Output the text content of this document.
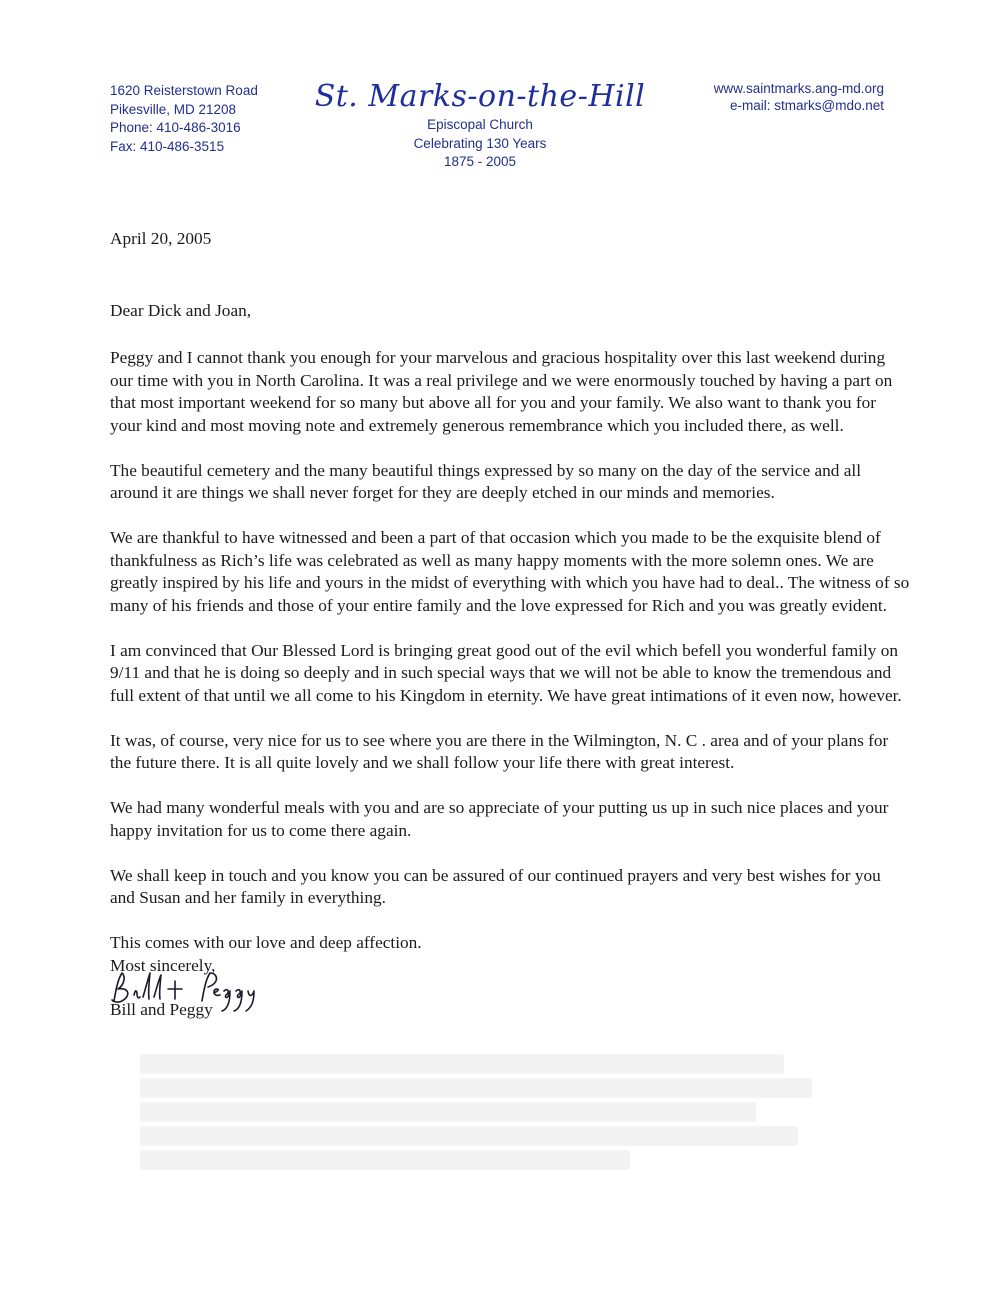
1620 Reisterstown Road
Pikesville, MD 21208
Phone: 410-486-3016
Fax: 410-486-3515
St. Marks-on-the-Hill
Episcopal Church
Celebrating 130 Years
1875 - 2005
www.saintmarks.ang-md.org
e-mail: stmarks@mdo.net
April 20, 2005
Dear Dick and Joan,

Peggy and I cannot thank you enough for your marvelous and gracious hospitality over this last weekend during our time with you in North Carolina. It was a real privilege and we were enormously touched by having a part on that most important weekend for so many but above all for you and your family. We also want to thank you for your kind and most moving note and extremely generous remembrance which you included there, as well.

The beautiful cemetery and the many beautiful things expressed by so many on the day of the service and all around it are things we shall never forget for they are deeply etched in our minds and memories.

We are thankful to have witnessed and been a part of that occasion which you made to be the exquisite blend of thankfulness as Rich’s life was celebrated as well as many happy moments with the more solemn ones. We are greatly inspired by his life and yours in the midst of everything with which you have had to deal.. The witness of so many of his friends and those of your entire family and the love expressed for Rich and you was greatly evident.

I am convinced that Our Blessed Lord is bringing great good out of the evil which befell you wonderful family on 9/11 and that he is doing so deeply and in such special ways that we will not be able to know the tremendous and full extent of that until we all come to his Kingdom in eternity. We have great intimations of it even now, however.

It was, of course, very nice for us to see where you are there in the Wilmington, N. C . area and of your plans for the future there. It is all quite lovely and we shall follow your life there with great interest.

We had many wonderful meals with you and are so appreciate of your putting us up in such nice places and your happy invitation for us to come there again.

We shall keep in touch and you know you can be assured of our continued prayers and very best wishes for you and Susan and her family in everything.

This comes with our love and deep affection.

Most sincerely,

Bill and Peggy
